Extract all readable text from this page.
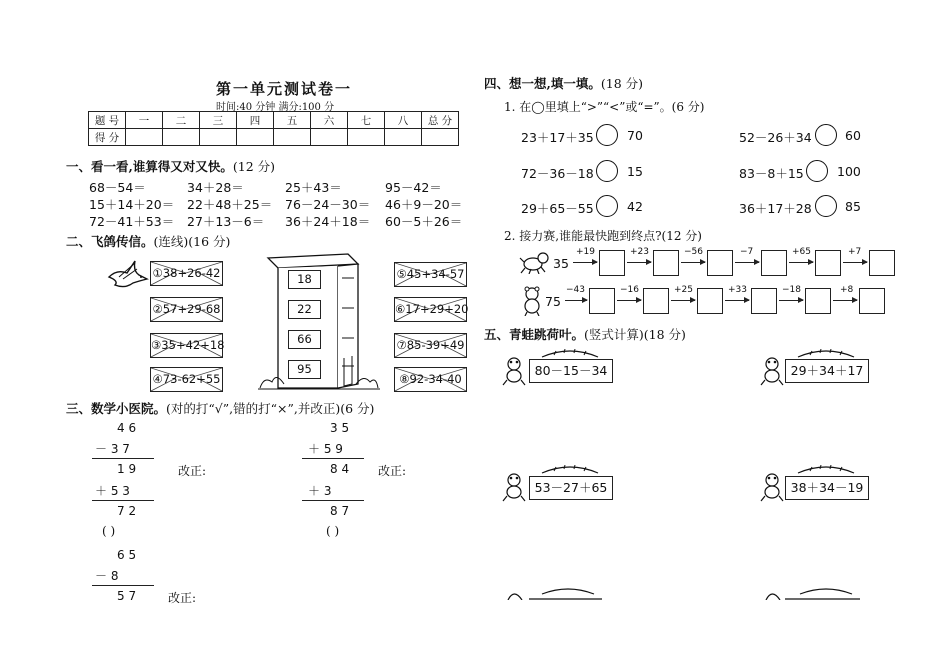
第一单元测试卷一
时间:40 分钟 满分:100 分
题 号	一	二	三	四	五	六	七	八	总 分
得 分									
一、看一看,谁算得又对又快。(12 分)
68－54＝	34＋28＝	25＋43＝	95－42＝
15＋14＋20＝ 22＋48＋25＝ 76－24－30＝ 46＋9－20＝
72－41＋53＝ 27＋13－6＝ 36＋24＋18＝ 60－5＋26＝
二、飞鸽传信。(连线)(16 分)
①38+26-42
②57+29-68
③35+42+18
④73-62+55
18
22
66
95
⑤45+34-57
⑥17+29+20
⑦85-39+49
⑧92-34-40
三、数学小医院。(对的打“√”,错的打“×”,并改正)(6 分)
4 6
－ 3 7
1 9	改正:
＋ 5 3
7 2
( )
3 5
＋ 5 9
8 4 改正:
＋ 3
8 7
( )
6 5
－ 8
5 7	改正:
四、想一想,填一填。(18 分)
1. 在◯里填上“>”“<”或“=”。(6 分)
23＋17＋35	70	52－26＋34	60
72－36－18	15	83－8＋15	100
29＋65－55	42	36＋17＋28	85
2. 接力赛,谁能最快跑到终点?(12 分)
35
+19	+23	−56	−7	+65	+7
75
−43	−16	+25	+33	−18	+8
五、青蛙跳荷叶。(竖式计算)(18 分)
80－15－34	29＋34＋17
53－27＋65	38＋34－19
